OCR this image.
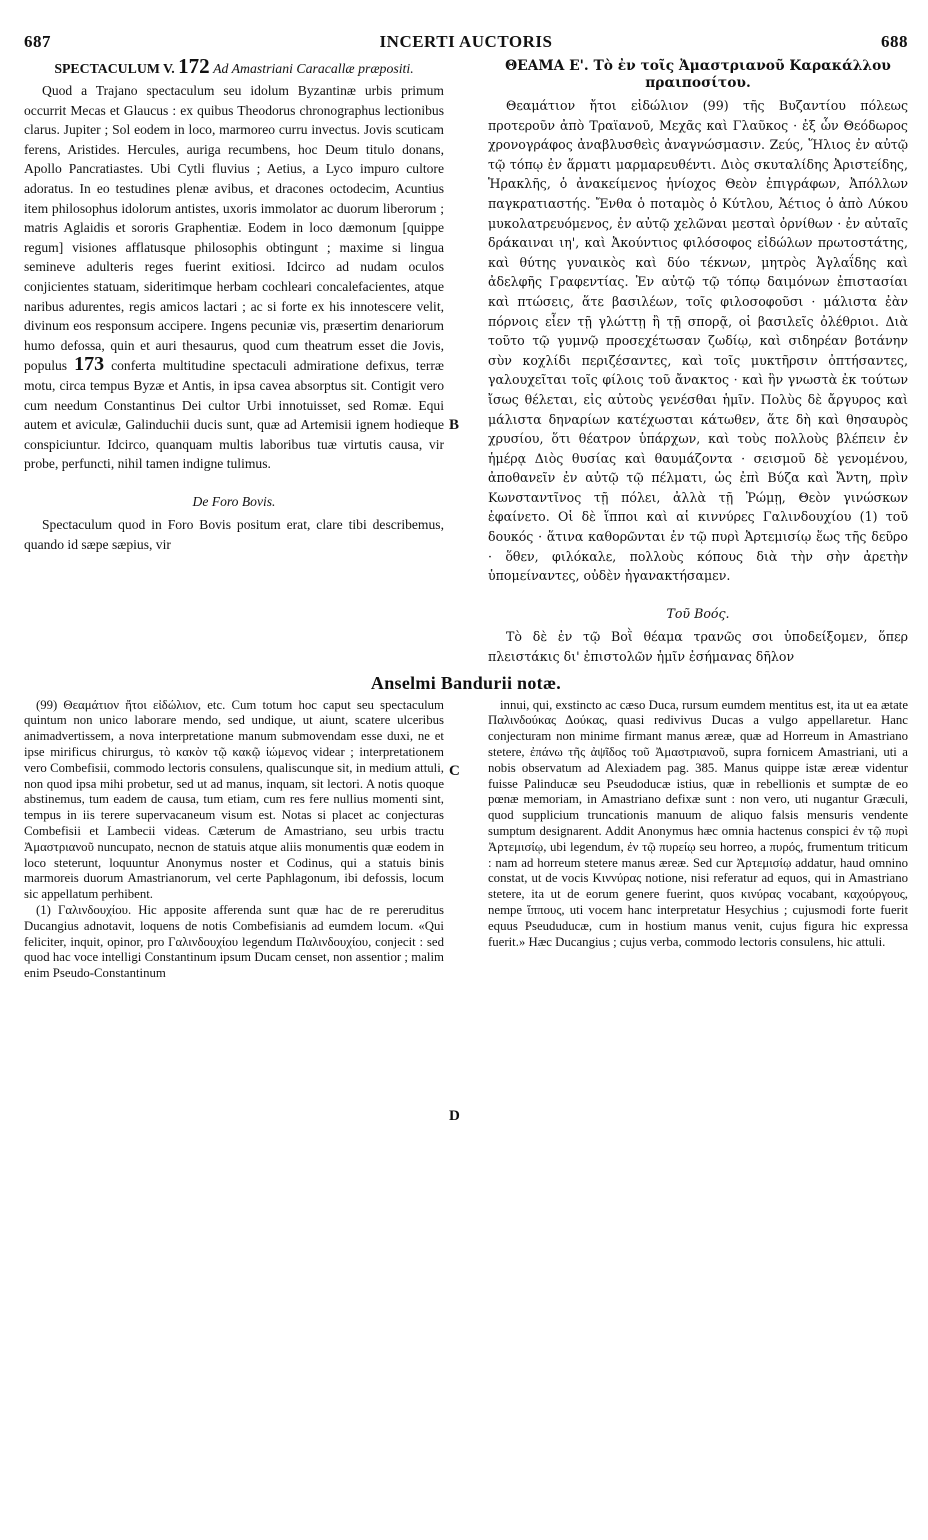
687	INCERTI AUCTORIS	688
SPECTACULUM V. 172 Ad Amastriani Caracallæ præpositi.

Quod a Trajano spectaculum seu idolum Byzantinæ urbis primum occurrit Mecas et Glaucus : ex quibus Theodorus chronographus lectionibus clarus. Jupiter ; Sol eodem in loco, marmoreo curru invectus. Jovis scuticam ferens, Aristides. Hercules, auriga recumbens, hoc Deum titulo donans, Apollo Pancratiastes. Ubi Cytli fluvius ; Aetius, a Lyco impuro cultore adoratus. In eo testudines plenæ avibus, et dracones octodecim, Acuntius item philosophus idolorum antistes, uxoris immolator ac duorum liberorum ; matris Aglaidis et sororis Graphentiæ. Eodem in loco dæmonum [quippe regum] visiones afflatusque philosophis obtingunt ; maxime si lingua semineve adulteris reges fuerint exitiosi. Idcirco ad nudam oculos conjicientes statuam, sideritimque herbam cochleari concalefacientes, atque naribus adurentes, regis amicos lactari ; ac si forte ex his innotescere velit, divinum eos responsum accipere. Ingens pecuniæ vis, præsertim denariorum humo defossa, quin et auri thesaurus, quod cum theatrum esset die Jovis, populus 173 conferta multitudine spectaculi admiratione defixus, terræ motu, circa tempus Byzæ et Antis, in ipsa cavea absorptus sit. Contigit vero cum needum Constantinus Dei cultor Urbi innotuisset, sed Romæ. Equi autem et aviculæ, Galinduchii ducis sunt, quæ ad Artemisii ignem hodieque conspiciuntur. Idcirco, quanquam multis laboribus tuæ virtutis causa, vir probe, perfuncti, nihil tamen indigne tulimus.

De Foro Bovis.

Spectaculum quod in Foro Bovis positum erat, clare tibi describemus, quando id sæpe sæpius, vir

ΘΕΑΜΑ Ε'. Τὸ ἐν τοῖς Ἀμαστριανοῦ Καρακάλλου πραιποσίτου.

Θεαμάτιον ἤτοι εἰδώλιον (99) τῆς Βυζαντίου πόλεως προτεροῦν ἀπὸ Τραϊανοῦ, Μεχᾶς καὶ Γλαῦκος · ἐξ ὧν Θεόδωρος χρονογράφος ἀναβλυσθεὶς ἀναγνώσμασιν. Ζεύς, Ἥλιος ἐν αὐτῷ τῷ τόπῳ ἐν ἅρματι μαρμαρευθέντι. Διὸς σκυταλίδης Ἀριστείδης, Ἡρακλῆς, ὁ ἀνακείμενος ἡνίοχος Θεὸν ἐπιγράφων, Ἀπόλλων παγκρατιαστής. Ἔνθα ὁ ποταμὸς ὁ Κύτλου, Ἀέτιος ὁ ἀπὸ Λύκου μυκολατρευόμενος, ἐν αὐτῷ χελῶναι μεσταὶ ὀρνίθων · ἐν αὐταῖς δράκαιναι ιη', καὶ Ἀκούντιος φιλόσοφος εἰδώλων πρωτοστάτης, καὶ θύτης γυναικὸς καὶ δύο τέκνων, μητρὸς Ἀγλαΐδης καὶ ἀδελφῆς Γραφεντίας. Ἐν αὐτῷ τῷ τόπῳ δαιμόνων ἐπιστασίαι καὶ πτώσεις, ἅτε βασιλέων, τοῖς φιλοσοφοῦσι · μάλιστα ἐὰν πόρνοις εἶεν τῇ γλώττῃ ἢ τῇ σπορᾷ, οἱ βασιλεῖς ὀλέθριοι. Διὰ τοῦτο τῷ γυμνῷ προσεχέτωσαν ζωδίῳ, καὶ σιδηρέαν βοτάνην σὺν κοχλίδι περιζέσαντες, καὶ τοῖς μυκτῆρσιν ὀπτήσαντες, γαλουχεῖται τοῖς φίλοις τοῦ ἄνακτος · καὶ ἣν γνωστὰ ἐκ τούτων ἴσως θέλεται, εἰς αὐτοὺς γενέσθαι ἡμῖν. Πολὺς δὲ ἄργυρος καὶ μάλιστα δηναρίων κατέχωσται κάτωθεν, ἅτε δὴ καὶ θησαυρὸς χρυσίου, ὅτι θέατρον ὑπάρχων, καὶ τοὺς πολλοὺς βλέπειν ἐν ἡμέρᾳ Διὸς θυσίας καὶ θαυμάζοντα · σεισμοῦ δὲ γενομένου, ἀποθανεῖν ἐν αὐτῷ τῷ πέλματι, ὡς ἐπὶ Βύζα καὶ Ἄντη, πρὶν Κωνσταντῖνος τῇ πόλει, ἀλλὰ τῇ Ῥώμῃ, Θεὸν γινώσκων ἐφαίνετο. Οἱ δὲ ἵπποι καὶ αἱ κιννύρες Γαλινδουχίου (1) τοῦ δουκός · ἅτινα καθορῶνται ἐν τῷ πυρὶ Ἀρτεμισίῳ ἕως τῆς δεῦρο · ὅθεν, φιλόκαλε, πολλοὺς κόπους διὰ τὴν σὴν ἀρετὴν ὑπομείναντες, οὐδὲν ἠγανακτήσαμεν.

Τοῦ Βοός.

Τὸ δὲ ἐν τῷ Βοῒ θέαμα τρανῶς σοι ὑποδείξομεν, ὅπερ πλειστάκις δι' ἐπιστολῶν ἡμῖν ἐσήμανας δῆλον

Anselmi Bandurii notæ.

(99) Θεαμάτιον ἤτοι εἰδώλιον, etc. Cum totum hoc caput seu spectaculum quintum non unico laborare mendo, sed undique, ut aiunt, scatere ulceribus animadvertissem, a nova interpretatione manum submovendam esse duxi, ne et ipse mirificus chirurgus, τὸ κακὸν τῷ κακῷ ἰώμενος videar ; interpretationem vero Combefisii, commodo lectoris consulens, qualiscunque sit, in medium attuli, non quod ipsa mihi probetur, sed ut ad manus, inquam, sit lectori. A notis quoque abstinemus, tum eadem de causa, tum etiam, cum res fere nullius momenti sint, tempus in iis terere supervacaneum visum est. Notas si placet ac conjecturas Combefisii et Lambecii videas. Cæterum de Amastriano, seu urbis tractu Ἀμαστριανοῦ nuncupato, necnon de statuis atque aliis monumentis quæ eodem in loco steterunt, loquuntur Anonymus noster et Codinus, qui a statuis binis marmoreis duorum Amastrianorum, vel certe Paphlagonum, ibi defossis, locum sic appellatum perhibent.

(1) Γαλινδουχίου. Hic apposite afferenda sunt quæ hac de re pereruditus Ducangius adnotavit, loquens de notis Combefisianis ad eumdem locum. «Qui feliciter, inquit, opinor, pro Γαλινδουχίου legendum Παλινδουχίου, conjecit : sed quod hac voce intelligi Constantinum ipsum Ducam censet, non assentior ; malim enim Pseudo-Constantinum

innui, qui, exstincto ac cæso Duca, rursum eumdem mentitus est, ita ut ea ætate Παλινδούκας Δούκας, quasi redivivus Ducas a vulgo appellaretur. Hanc conjecturam non minime firmant manus æreæ, quæ ad Horreum in Amastriano stetere, ἐπάνω τῆς ἀψῖδος τοῦ Ἀμαστριανοῦ, supra fornicem Amastriani, uti a nobis observatum ad Alexiadem pag. 385. Manus quippe istæ æreæ videntur fuisse Palinducæ seu Pseudoducæ istius, quæ in rebellionis et sumptæ de eo pœnæ memoriam, in Amastriano defixæ sunt : non vero, uti nugantur Græculi, quod supplicium truncationis manuum de aliquo falsis mensuris vendente sumptum designarent. Addit Anonymus hæc omnia hactenus conspici ἐν τῷ πυρὶ Ἀρτεμισίῳ, ubi legendum, ἐν τῷ πυρείῳ seu horreo, a πυρός, frumentum triticum : nam ad horreum stetere manus æreæ. Sed cur Ἀρτεμισίῳ addatur, haud omnino constat, ut de vocis Κιννύρας notione, nisi referatur ad equos, qui in Amastriano stetere, ita ut de eorum genere fuerint, quos κινύρας vocabant, καχούργους, nempe ἵππους, uti vocem hanc interpretatur Hesychius ; cujusmodi forte fuerit equus Pseududucæ, cum in hostium manus venit, cujus figura hic expressa fuerit.» Hæc Ducangius ; cujus verba, commodo lectoris consulens, hic attuli.

B
C
D
